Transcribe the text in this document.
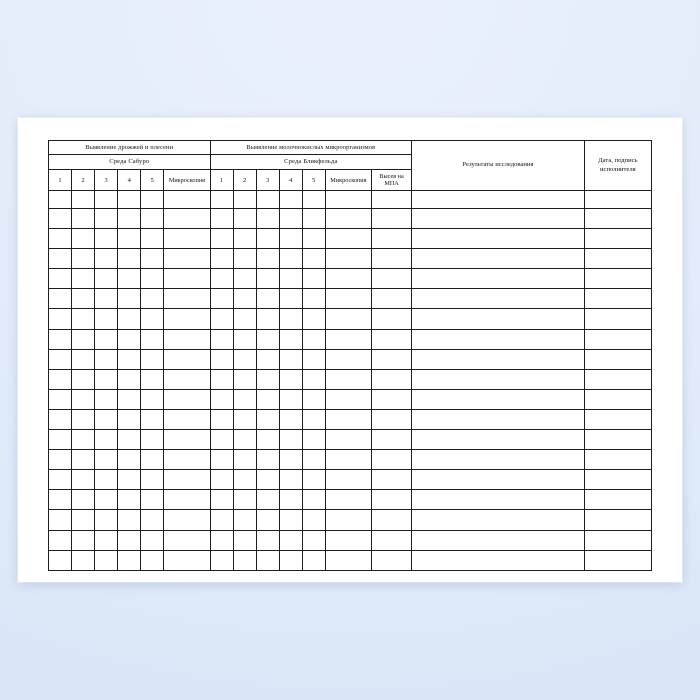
Выявление дрожжей и плесени						Выявление молочнокислых микроорганизмов							Результаты исследования	Дата, подпись исполнителя
Среда Сабуро						Среда Бликфельда								
1	2	3	4	5	Микроскопия	1	2	3	4	5	Микроскопия	Высев на МПА		
